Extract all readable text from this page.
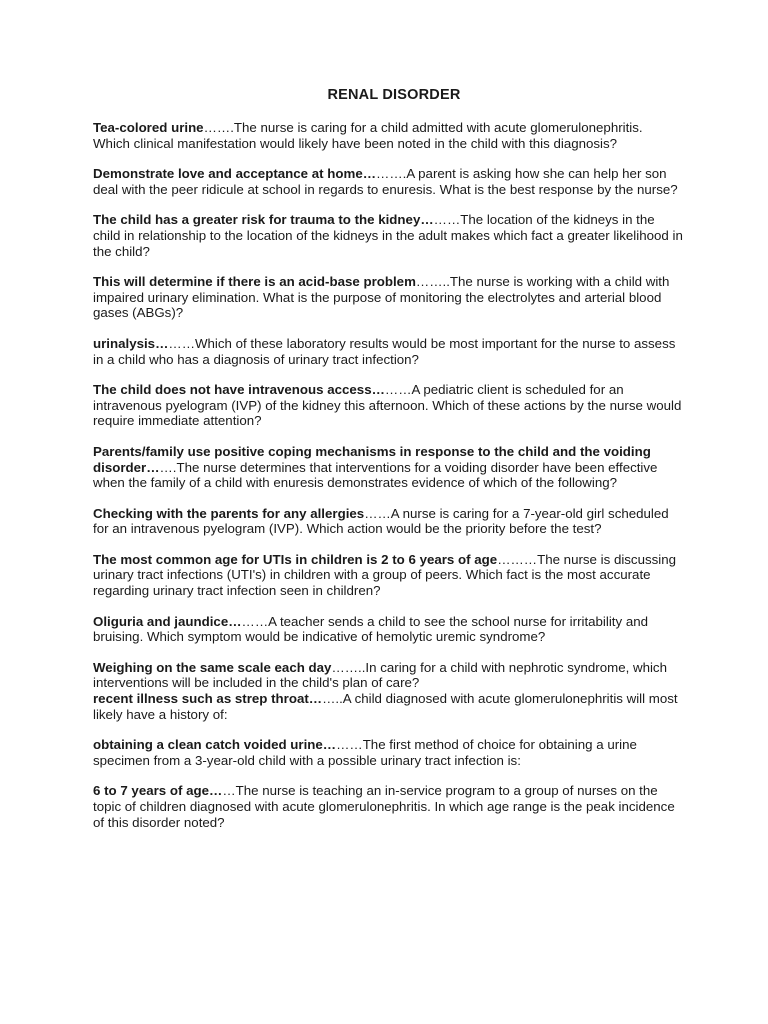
RENAL DISORDER

Tea-colored urine…….The nurse is caring for a child admitted with acute glomerulonephritis. Which clinical manifestation would likely have been noted in the child with this diagnosis?

Demonstrate love and acceptance at home……….A parent is asking how she can help her son deal with the peer ridicule at school in regards to enuresis. What is the best response by the nurse?

The child has a greater risk for trauma to the kidney………The location of the kidneys in the child in relationship to the location of the kidneys in the adult makes which fact a greater likelihood in the child?

This will determine if there is an acid-base problem……..The nurse is working with a child with impaired urinary elimination. What is the purpose of monitoring the electrolytes and arterial blood gases (ABGs)?

urinalysis………Which of these laboratory results would be most important for the nurse to assess in a child who has a diagnosis of urinary tract infection?

The child does not have intravenous access………A pediatric client is scheduled for an intravenous pyelogram (IVP) of the kidney this afternoon. Which of these actions by the nurse would require immediate attention?

Parents/family use positive coping mechanisms in response to the child and the voiding disorder…….The nurse determines that interventions for a voiding disorder have been effective when the family of a child with enuresis demonstrates evidence of which of the following?

Checking with the parents for any allergies……A nurse is caring for a 7-year-old girl scheduled for an intravenous pyelogram (IVP). Which action would be the priority before the test?

The most common age for UTIs in children is 2 to 6 years of age………The nurse is discussing urinary tract infections (UTI's) in children with a group of peers. Which fact is the most accurate regarding urinary tract infection seen in children?

Oliguria and jaundice………A teacher sends a child to see the school nurse for irritability and bruising. Which symptom would be indicative of hemolytic uremic syndrome?

Weighing on the same scale each day……..In caring for a child with nephrotic syndrome, which interventions will be included in the child's plan of care?

recent illness such as strep throat……..A child diagnosed with acute glomerulonephritis will most likely have a history of:

obtaining a clean catch voided urine………The first method of choice for obtaining a urine specimen from a 3-year-old child with a possible urinary tract infection is:

6 to 7 years of age……The nurse is teaching an in-service program to a group of nurses on the topic of children diagnosed with acute glomerulonephritis. In which age range is the peak incidence of this disorder noted?
